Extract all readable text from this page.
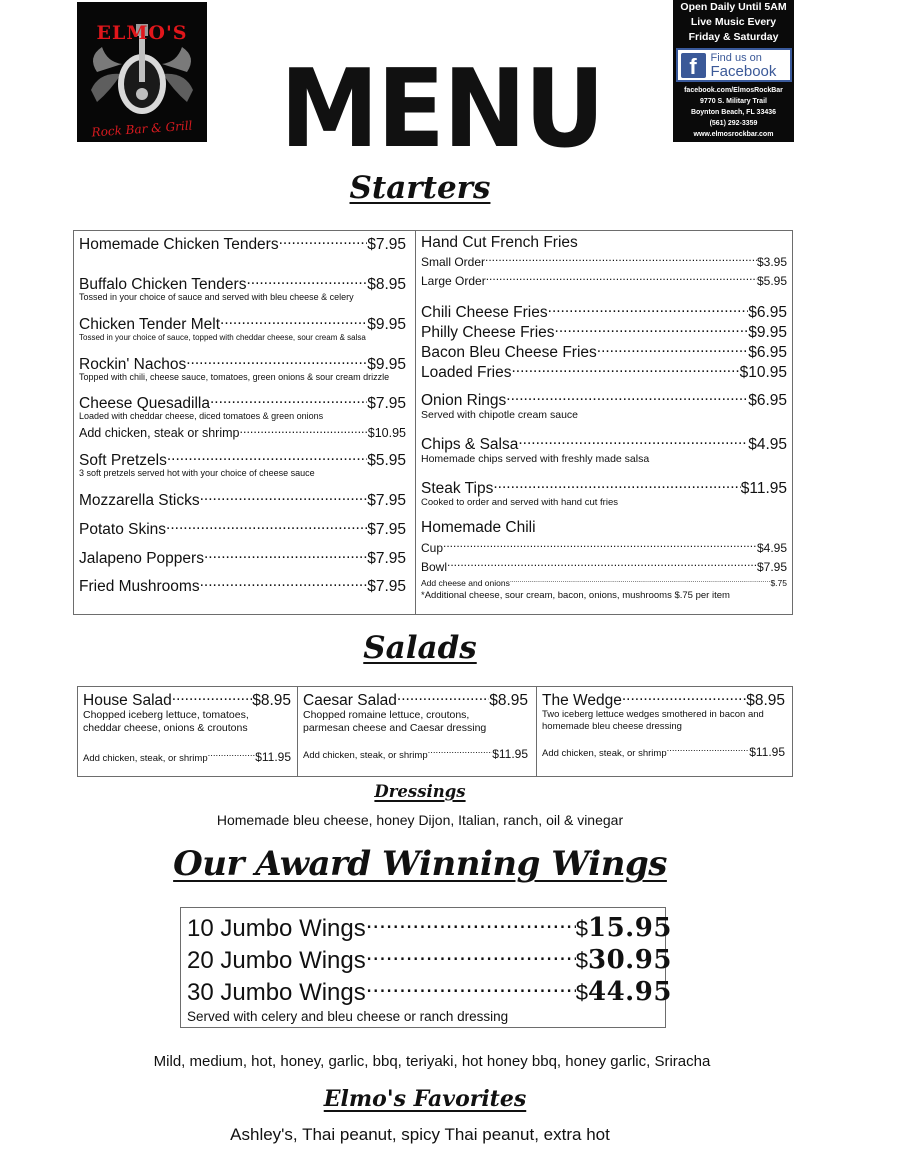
ELMO'S
Rock Bar & Grill
Open Daily Until 5AM
Live Music Every
Friday & Saturday
f	Find us on
Facebook
facebook.com/ElmosRockBar
9770 S. Military Trail
Boynton Beach, FL 33436
(561) 292-3359
www.elmosrockbar.com
MENU
Starters
Homemade Chicken Tenders .....	$7.95
Buffalo Chicken Tenders .....	$8.95
Tossed in your choice of sauce and served with bleu cheese & celery
Chicken Tender Melt .....	$9.95
Tossed in your choice of sauce, topped with cheddar cheese, sour cream & salsa
Rockin' Nachos .....	$9.95
Topped with chili, cheese sauce, tomatoes, green onions & sour cream drizzle
Cheese Quesadilla .....	$7.95
Loaded with cheddar cheese, diced tomatoes & green onions
Add chicken, steak or shrimp .....	$10.95
Soft Pretzels .....	$5.95
3 soft pretzels served hot with your choice of cheese sauce
Mozzarella Sticks .....	$7.95
Potato Skins .....	$7.95
Jalapeno Poppers .....	$7.95
Fried Mushrooms .....	$7.95
Hand Cut French Fries
Small Order .....	$3.95
Large Order .....	$5.95
Chili Cheese Fries .....	$6.95
Philly Cheese Fries .....	$9.95
Bacon Bleu Cheese Fries .....	$6.95
Loaded Fries .....	$10.95
Onion Rings .....	$6.95
Served with chipotle cream sauce
Chips & Salsa .....	$4.95
Homemade chips served with freshly made salsa
Steak Tips .....	$11.95
Cooked to order and served with hand cut fries
Homemade Chili
Cup .....	$4.95
Bowl .....	$7.95
Add cheese and onions .....	$.75
*Additional cheese, sour cream, bacon, onions, mushrooms $.75 per item
Salads
House Salad .....	$8.95
Chopped iceberg lettuce, tomatoes, cheddar cheese, onions & croutons
Add chicken, steak, or shrimp .....	$11.95
Caesar Salad .....	$8.95
Chopped romaine lettuce, croutons, parmesan cheese and Caesar dressing
Add chicken, steak, or shrimp .....	$11.95
The Wedge .....	$8.95
Two iceberg lettuce wedges smothered in bacon and homemade bleu cheese dressing
Add chicken, steak, or shrimp .....	$11.95
Dressings
Homemade bleu cheese, honey Dijon, Italian, ranch, oil & vinegar
Our Award Winning Wings
10 Jumbo Wings .....	$ 15.95
20 Jumbo Wings .....	$ 30.95
30 Jumbo Wings .....	$ 44.95
Served with celery and bleu cheese or ranch dressing
Mild, medium, hot, honey, garlic, bbq, teriyaki, hot honey bbq, honey garlic, Sriracha
Elmo's Favorites
Ashley's, Thai peanut, spicy Thai peanut, extra hot
